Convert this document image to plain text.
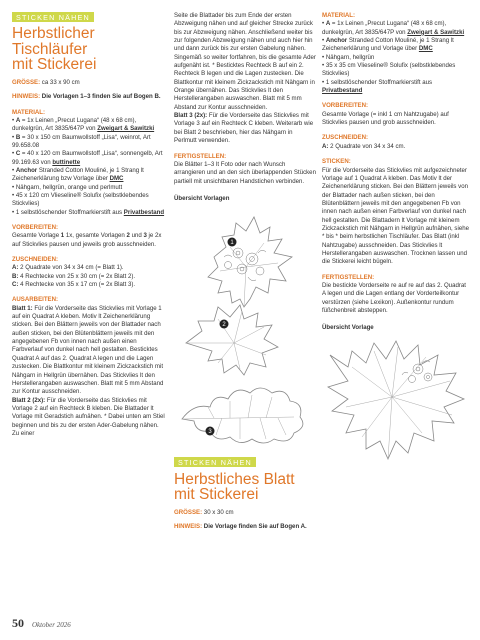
STICKEN NÄHEN
Herbstlicher Tischläufer
mit Stickerei

GRÖSSE: ca 33 x 90 cm

HINWEIS: Die Vorlagen 1–3 finden Sie auf Bogen B.

MATERIAL:

• A = 1x Leinen „Precut Lugana“ (48 x 68 cm), dunkelgrün, Art 3835/647P von Zweigart & Sawitzki

• B = 30 x 150 cm Baumwollstoff „Lisa“, weinrot, Art 99.658.08

• C = 40 x 120 cm Baumwollstoff „Lisa“, sonnengelb, Art 99.169.63 von buttinette

• Anchor Stranded Cotton Mouliné, je 1 Strang lt Zeichenerklärung bzw Vorlage über DMC

• Nähgarn, hellgrün, orange und perlmutt

• 45 x 120 cm Vlieseline® Solufix (selbstklebendes Stickvlies)

• 1 selbstlöschender Stoffmarkierstift aus Privatbestand

VORBEREITEN:

Gesamte Vorlage 1 1x, gesamte Vorlagen 2 und 3 je 2x auf Stickvlies pausen und jeweils grob ausschneiden.

ZUSCHNEIDEN:

A: 2 Quadrate von 34 x 34 cm (= Blatt 1).

B: 4 Rechtecke von 25 x 30 cm (= 2x Blatt 2).

C: 4 Rechtecke von 35 x 17 cm (= 2x Blatt 3).

AUSARBEITEN:

Blatt 1: Für die Vorderseite das Stickvlies mit Vorlage 1 auf ein Quadrat A kleben. Motiv lt Zeichenerklärung sticken. Bei den Blättern jeweils von der Blattader nach außen sticken, bei den Blütenblättern jeweils mit den angegebenen Fb von innen nach außen einen Farbverlauf von dunkel nach hell gestalten. Besticktes Quadrat A auf das 2. Quadrat A legen und die Lagen zustecken. Die Blattkontur mit kleinem Zickzackstich mit Nähgarn in Hellgrün übernähen. Das Stickvlies lt den Herstellerangaben auswaschen. Blatt mit 5 mm Abstand zur Kontur ausschneiden.

Blatt 2 (2x): Für die Vorderseite das Stickvlies mit Vorlage 2 auf ein Rechteck B kleben. Die Blattader lt Vorlage mit Geradstich aufnähen. * Dabei unten am Stiel beginnen und bis zu der ersten Ader-Gabelung nähen. Zu einer

Seite die Blattader bis zum Ende der ersten Abzweigung nähen und auf gleicher Strecke zurück bis zur Abzweigung nähen. Anschließend weiter bis zur folgenden Abzweigung nähen und auch hier hin und dann zurück bis zur ersten Gabelung nähen. Singemäß so weiter fortfahren, bis die gesamte Ader aufgenäht ist. * Besticktes Rechteck B auf ein 2. Rechteck B legen und die Lagen zustecken. Die Blattkontur mit kleinem Zickzackstich mit Nähgarn in Orange übernähen. Das Stickvlies lt den Herstellerangaben auswaschen. Blatt mit 5 mm Abstand zur Kontur ausschneiden.

Blatt 3 (2x): Für die Vorderseite das Stickvlies mit Vorlage 3 auf ein Rechteck C kleben. Weiterarb wie bei Blatt 2 beschrieben, hier das Nähgarn in Perlmutt verwenden.

FERTIGSTELLEN:

Die Blätter 1–3 lt Foto oder nach Wunsch arrangieren und an den sich überlappenden Stücken partiell mit unsichtbaren Handstichen verbinden.

Übersicht Vorlagen

1
2
3
STICKEN NÄHEN
Herbstliches Blatt
mit Stickerei

GRÖSSE: 30 x 30 cm

HINWEIS: Die Vorlage finden Sie auf Bogen A.

MATERIAL:

• A = 1x Leinen „Precut Lugana“ (48 x 68 cm), dunkelgrün, Art 3835/647P von Zweigart & Sawitzki

• Anchor Stranded Cotton Mouliné, je 1 Strang lt Zeichenerklärung und Vorlage über DMC

• Nähgarn, hellgrün

• 35 x 35 cm Vlieseline® Solufix (selbstklebendes Stickvlies)

• 1 selbstlöschender Stoffmarkierstift aus Privatbestand

VORBEREITEN:

Gesamte Vorlage (= inkl 1 cm Nahtzugabe) auf Stickvlies pausen und grob ausschneiden.

ZUSCHNEIDEN:

A: 2 Quadrate von 34 x 34 cm.

STICKEN:

Für die Vorderseite das Stickvlies mit aufgezeichneter Vorlage auf 1 Quadrat A kleben. Das Motiv lt der Zeichenerklärung sticken. Bei den Blättern jeweils von der Blattader nach außen sticken, bei den Blütenblättern jeweils mit den angegebenen Fb von innen nach außen einen Farbverlauf von dunkel nach hell gestalten. Die Blattadern lt Vorlage mit kleinem Zickzackstich mit Nähgarn in Hellgrün aufnähen, siehe * bis * beim herbstlichen Tischläufer. Das Blatt (inkl Nahtzugabe) ausschneiden. Das Stickvlies lt Herstellerangaben auswaschen. Trocknen lassen und die Stickerei leicht bügeln.

FERTIGSTELLEN:

Die bestickte Vorderseite re auf re auf das 2. Quadrat A legen und die Lagen entlang der Vorderteilkontur verstürzen (siehe Lexikon). Außenkontur rundum füßchenbreit absteppen.

Übersicht Vorlage

50 Oktober 2026
